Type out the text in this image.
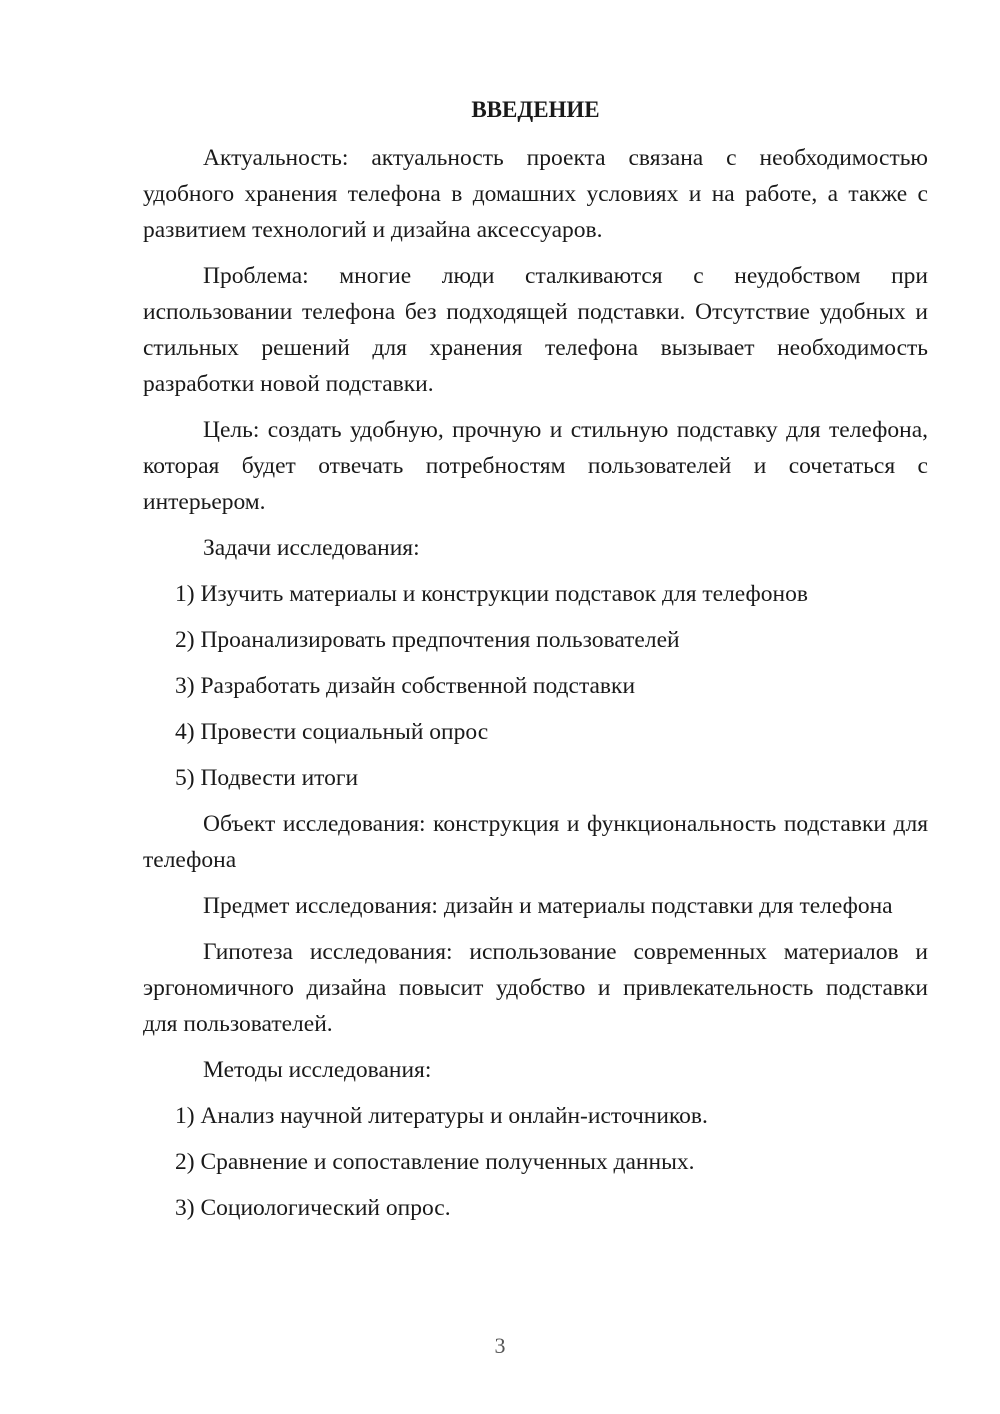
ВВЕДЕНИЕ

Актуальность: актуальность проекта связана с необходимостью удобного хранения телефона в домашних условиях и на работе, а также с развитием технологий и дизайна аксессуаров.

Проблема: многие люди сталкиваются с неудобством при использовании телефона без подходящей подставки. Отсутствие удобных и стильных решений для хранения телефона вызывает необходимость разработки новой подставки.

Цель: создать удобную, прочную и стильную подставку для телефона, которая будет отвечать потребностям пользователей и сочетаться с интерьером.

Задачи исследования:

1) Изучить материалы и конструкции подставок для телефонов
2) Проанализировать предпочтения пользователей
3) Разработать дизайн собственной подставки
4) Провести социальный опрос
5) Подвести итоги

Объект исследования: конструкция и функциональность подставки для телефона

Предмет исследования: дизайн и материалы подставки для телефона

Гипотеза исследования: использование современных материалов и эргономичного дизайна повысит удобство и привлекательность подставки для пользователей.

Методы исследования:

1) Анализ научной литературы и онлайн-источников.
2) Сравнение и сопоставление полученных данных.
3) Социологический опрос.
3
